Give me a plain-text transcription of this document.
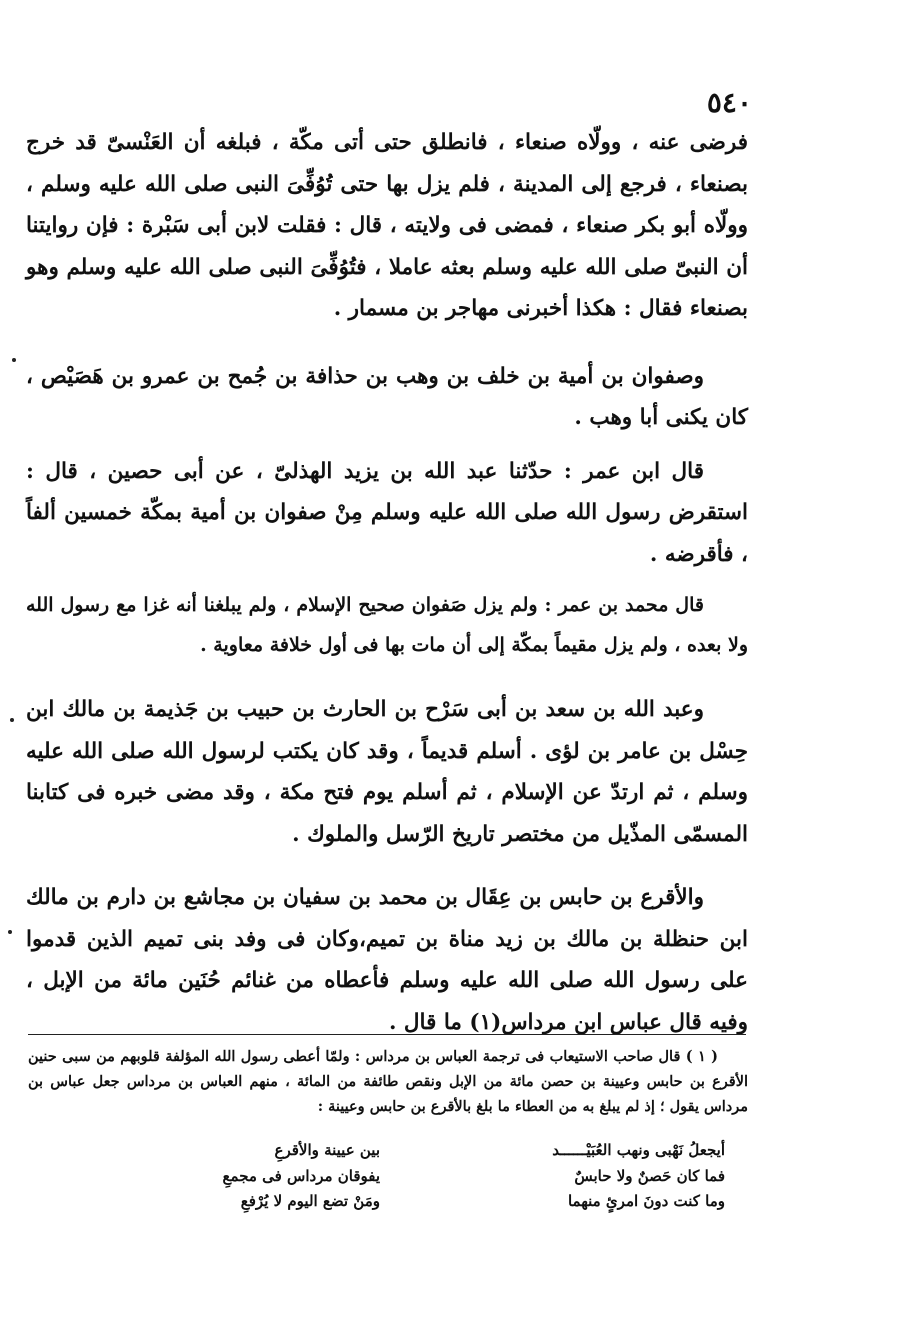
٥٤٠

فرضى عنه ، وولّاه صنعاء ، فانطلق حتى أتى مكّة ، فبلغه أن العَنْسىّ قد خرج بصنعاء ، فرجع إلى المدينة ، فلم يزل بها حتى تُوُفِّىَ النبى صلى الله عليه وسلم ، وولّاه أبو بكر صنعاء ، فمضى فى ولايته ، قال : فقلت لابن أبى سَبْرة : فإن روايتنا أن النبىّ صلى الله عليه وسلم بعثه عاملا ، فتُوُفِّىَ النبى صلى الله عليه وسلم وهو بصنعاء فقال : هكذا أخبرنى مهاجر بن مسمار .

وصفوان بن أمية بن خلف بن وهب بن حذافة بن جُمح بن عمرو بن هَصَيْص ، كان يكنى أبا وهب .

قال ابن عمر : حدّثنا عبد الله بن يزيد الهذلىّ ، عن أبى حصين ، قال : استقرض رسول الله صلى الله عليه وسلم مِنْ صفوان بن أمية بمكّة خمسين ألفاً ، فأقرضه .

قال محمد بن عمر : ولم يزل صَفوان صحيح الإسلام ، ولم يبلغنا أنه غزا مع رسول الله ولا بعده ، ولم يزل مقيماً بمكّة إلى أن مات بها فى أول خلافة معاوية .

وعبد الله بن سعد بن أبى سَرْح بن الحارث بن حبيب بن جَذيمة بن مالك ابن حِسْل بن عامر بن لؤى . أسلم قديماً ، وقد كان يكتب لرسول الله صلى الله عليه وسلم ، ثم ارتدّ عن الإسلام ، ثم أسلم يوم فتح مكة ، وقد مضى خبره فى كتابنا المسمّى المذّيل من مختصر تاريخ الرّسل والملوك .

والأقرع بن حابس بن عِقَال بن محمد بن سفيان بن مجاشع بن دارم بن مالك ابن حنظلة بن مالك بن زيد مناة بن تميم،وكان فى وفد بنى تميم الذين قدموا على رسول الله صلى الله عليه وسلم فأعطاه من غنائم حُنَين مائة من الإبل ، وفيه قال عباس ابن مرداس(١) ما قال .

( ١ ) قال صاحب الاستيعاب فى ترجمة العباس بن مرداس : ولمّا أعطى رسول الله المؤلفة قلوبهم من سبى حنين الأقرع بن حابس وعيينة بن حصن مائة من الإبل ونقص طائفة من المائة ، منهم العباس بن مرداس جعل عباس بن مرداس يقول ؛ إذ لم يبلغ به من العطاء ما بلغ بالأقرع بن حابس وعيينة :
أيجعلُ نَهْبى ونهب العُبَيْــــــد
بين عيينة والأقرعِ
فما كان حَصنٌ ولا حابسٌ
يفوقان مرداس فى مجمعِ
وما كنت دونَ امرئٍ منهما
ومَنْ تضع اليوم لا يُرْفعِ
